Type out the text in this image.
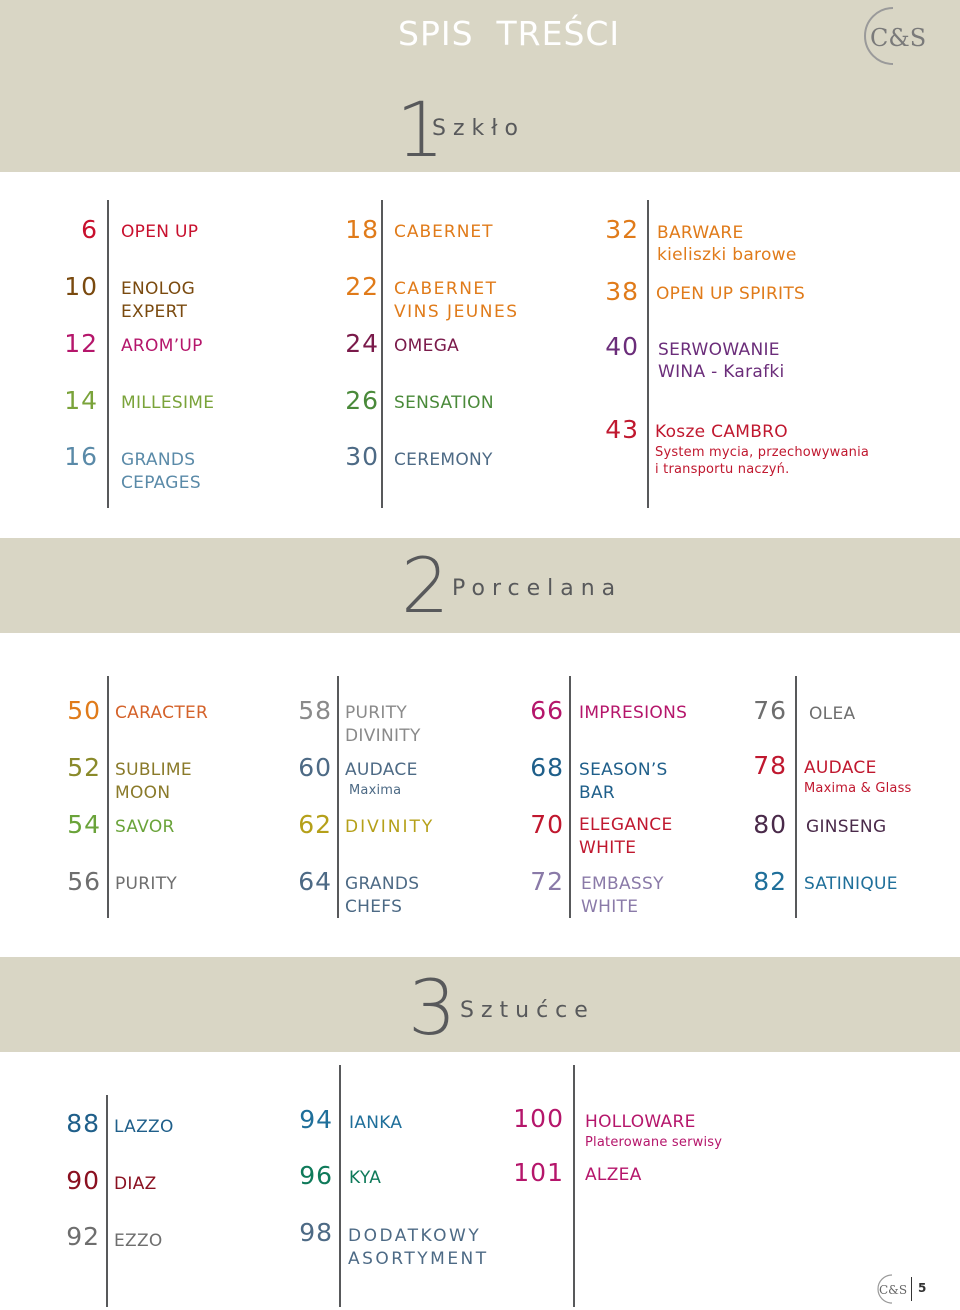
SPIS  TREŚCI	C&S
1
Szkło
6 OPEN UP
10 ENOLOG
EXPERT
12 AROM’UP
14 MILLESIME
16 GRANDS
CEPAGES
18 CABERNET
22 CABERNET
VINS JEUNES
24 OMEGA
26 SENSATION
30 CEREMONY
32 BARWARE
kieliszki barowe
38 OPEN UP SPIRITS
40 SERWOWANIE
WINA - Karafki
43 Kosze CAMBRO
System mycia, przechowywania
i transportu naczyń.
2 Porcelana
50 CARACTER
52 SUBLIME
MOON
54 SAVOR
56 PURITY
58 PURITY
DIVINITY
60 AUDACE
Maxima
62 DIVINITY
64 GRANDS
CHEFS
66 IMPRESIONS
68 SEASON’S
BAR
70 ELEGANCE
WHITE
72 EMBASSY
WHITE
76 OLEA
78 AUDACE
Maxima & Glass
80 GINSENG
82 SATINIQUE
3 Sztućce
88 LAZZO
90 DIAZ
92 EZZO
94 IANKA
96 KYA
98 DODATKOWY
ASORTYMENT
100 HOLLOWARE
Platerowane serwisy
101 ALZEA
C&S 5
